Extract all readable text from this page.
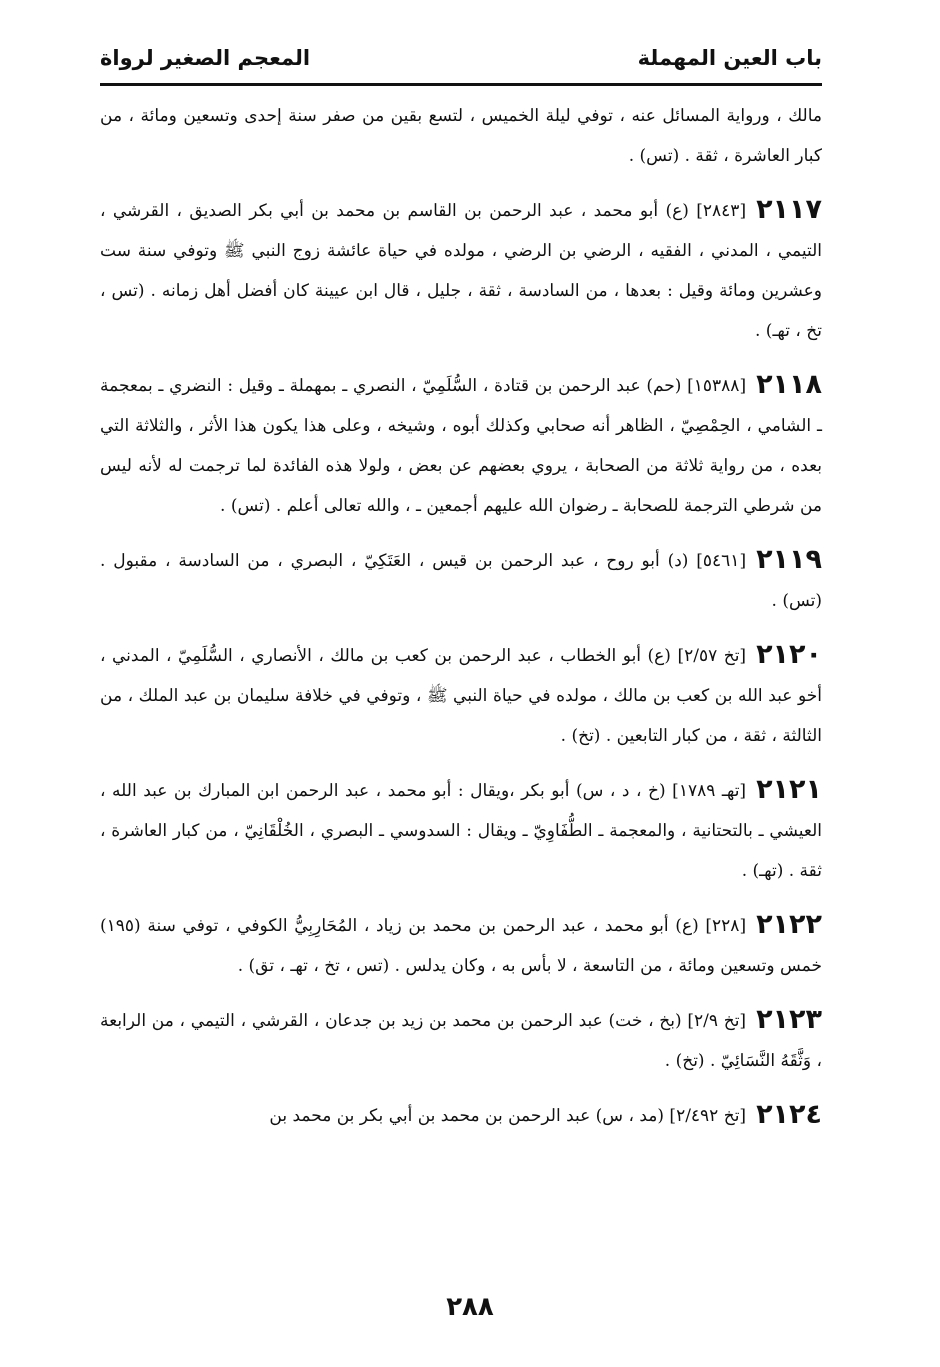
باب العين المهملة
المعجم الصغير لرواة
مالك ، ورواية المسائل عنه ، توفي ليلة الخميس ، لتسع بقين من صفر سنة إحدى وتسعين ومائة ، من كبار العاشرة ، ثقة . (تس) .
٢١١٧[٢٨٤٣] (ع) أبو محمد ، عبد الرحمن بن القاسم بن محمد بن أبي بكر الصديق ، القرشي ، التيمي ، المدني ، الفقيه ، الرضي بن الرضي ، مولده في حياة عائشة زوج النبي ﷺ وتوفي سنة ست وعشرين ومائة وقيل : بعدها ، من السادسة ، ثقة ، جليل ، قال ابن عيينة كان أفضل أهل زمانه . (تس ، تخ ، تهـ) .
٢١١٨[١٥٣٨٨] (حم) عبد الرحمن بن قتادة ، السُّلَمِيّ ، النصري ـ بمهملة ـ وقيل : النضري ـ بمعجمة ـ الشامي ، الحِمْصِيّ ، الظاهر أنه صحابي وكذلك أبوه ، وشيخه ، وعلى هذا يكون هذا الأثر ، والثلاثة التي بعده ، من رواية ثلاثة من الصحابة ، يروي بعضهم عن بعض ، ولولا هذه الفائدة لما ترجمت له لأنه ليس من شرطي الترجمة للصحابة ـ رضوان الله عليهم أجمعين ـ ، والله تعالى أعلم . (تس) .
٢١١٩[٥٤٦١] (د) أبو روح ، عبد الرحمن بن قيس ، العَتَكِيّ ، البصري ، من السادسة ، مقبول . (تس) .
٢١٢٠[تخ ٢/٥٧] (ع) أبو الخطاب ، عبد الرحمن بن كعب بن مالك ، الأنصاري ، السُّلَمِيّ ، المدني ، أخو عبد الله بن كعب بن مالك ، مولده في حياة النبي ﷺ ، وتوفي في خلافة سليمان بن عبد الملك ، من الثالثة ، ثقة ، من كبار التابعين . (تخ) .
٢١٢١[تهـ ١٧٨٩] (خ ، د ، س) أبو بكر ،ويقال : أبو محمد ، عبد الرحمن ابن المبارك بن عبد الله ، العيشي ـ بالتحتانية ، والمعجمة ـ الطُّفَاوِيّ ـ ويقال : السدوسي ـ البصري ، الخُلْقَانِيّ ، من كبار العاشرة ، ثقة . (تهـ) .
٢١٢٢[٢٢٨] (ع) أبو محمد ، عبد الرحمن بن محمد بن زياد ، المُحَارِبِيُّ الكوفي ، توفي سنة (١٩٥) خمس وتسعين ومائة ، من التاسعة ، لا بأس به ، وكان يدلس . (تس ، تخ ، تهـ ، تق) .
٢١٢٣[تخ ٢/٩] (بخ ، خت) عبد الرحمن بن محمد بن زيد بن جدعان ، القرشي ، التيمي ، من الرابعة ، وَثَّقَهُ النَّسَائِيّ . (تخ) .
٢١٢٤[تخ ٢/٤٩٢] (مد ، س) عبد الرحمن بن محمد بن أبي بكر بن محمد بن
٢٨٨
